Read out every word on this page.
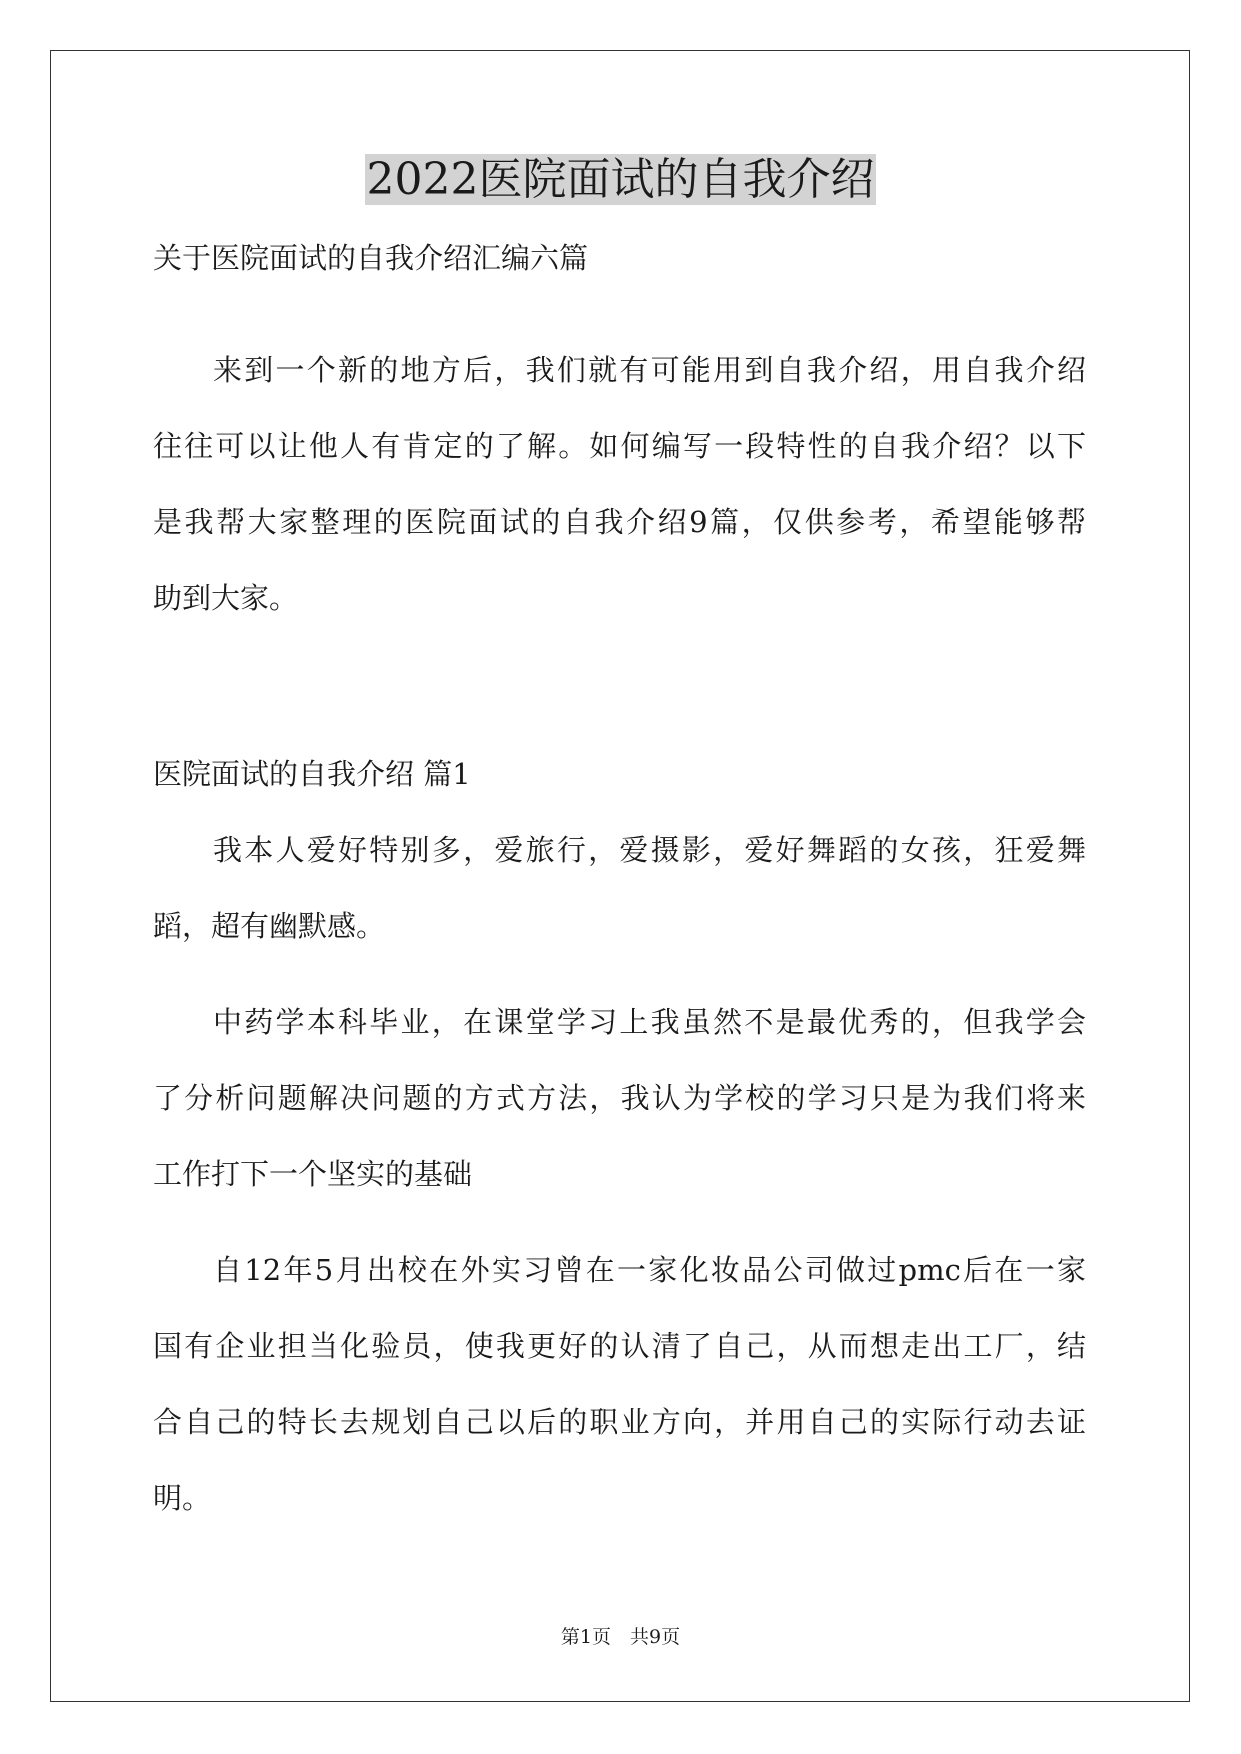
2022医院面试的自我介绍

关于医院面试的自我介绍汇编六篇

来到一个新的地方后，我们就有可能用到自我介绍，用自我介绍

往往可以让他人有肯定的了解。如何编写一段特性的自我介绍？以下

是我帮大家整理的医院面试的自我介绍9篇，仅供参考，希望能够帮

助到大家。

医院面试的自我介绍 篇1

我本人爱好特别多，爱旅行，爱摄影，爱好舞蹈的女孩，狂爱舞

蹈，超有幽默感。

中药学本科毕业，在课堂学习上我虽然不是最优秀的，但我学会

了分析问题解决问题的方式方法，我认为学校的学习只是为我们将来

工作打下一个坚实的基础

自12年5月出校在外实习曾在一家化妆品公司做过pmc后在一家

国有企业担当化验员，使我更好的认清了自己，从而想走出工厂，结

合自己的特长去规划自己以后的职业方向，并用自己的实际行动去证

明。

第1页　共9页
